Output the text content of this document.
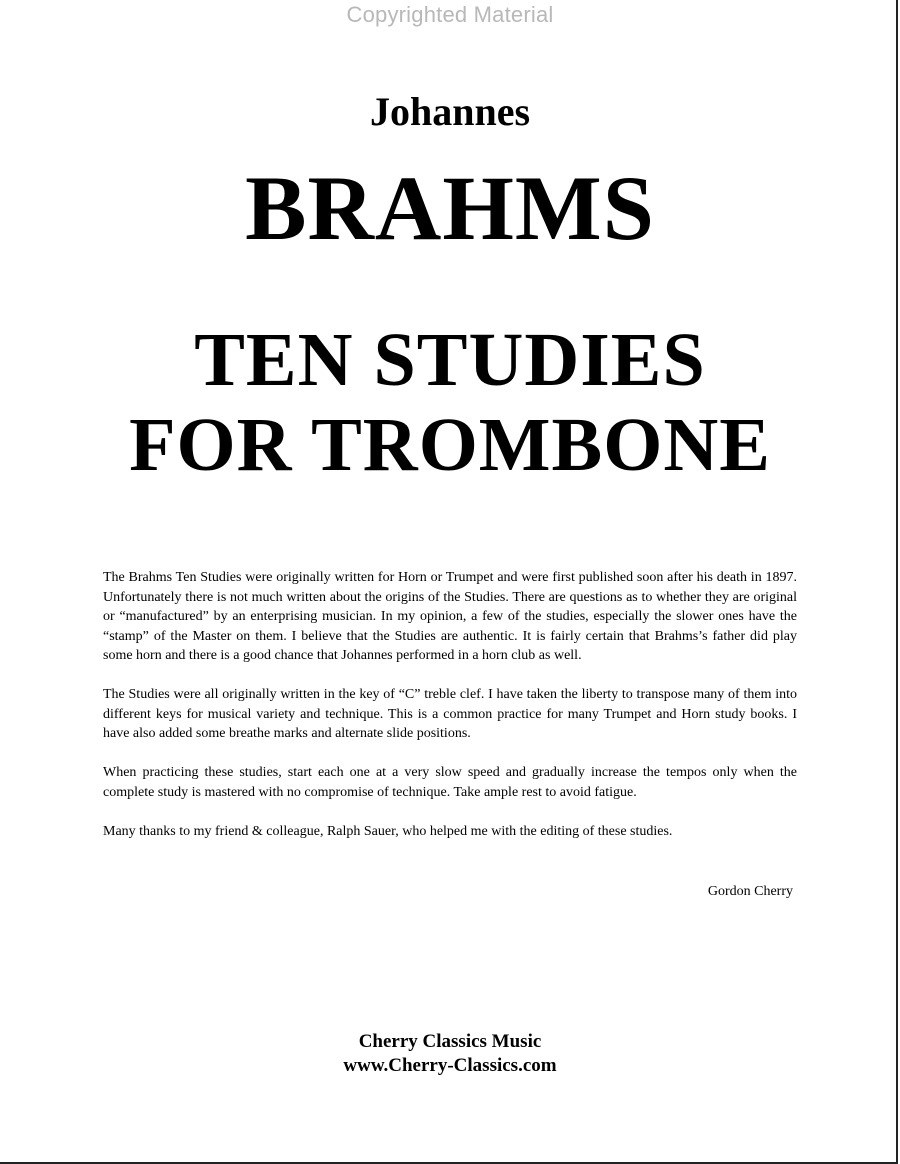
Copyrighted Material
Johannes
BRAHMS
TEN STUDIES
FOR TROMBONE

The Brahms Ten Studies were originally written for Horn or Trumpet and were first published soon after his death in 1897. Unfortunately there is not much written about the origins of the Studies. There are questions as to whether they are original or “manufactured” by an enterprising musician. In my opinion, a few of the studies, especially the slower ones have the “stamp” of the Master on them. I believe that the Studies are authentic. It is fairly certain that Brahms’s father did play some horn and there is a good chance that Johannes performed in a horn club as well.

The Studies were all originally written in the key of “C” treble clef. I have taken the liberty to transpose many of them into different keys for musical variety and technique. This is a common practice for many Trumpet and Horn study books. I have also added some breathe marks and alternate slide positions.

When practicing these studies, start each one at a very slow speed and gradually increase the tempos only when the complete study is mastered with no compromise of technique. Take ample rest to avoid fatigue.

Many thanks to my friend & colleague, Ralph Sauer, who helped me with the editing of these studies.

Gordon Cherry
Cherry Classics Music
www.Cherry-Classics.com
